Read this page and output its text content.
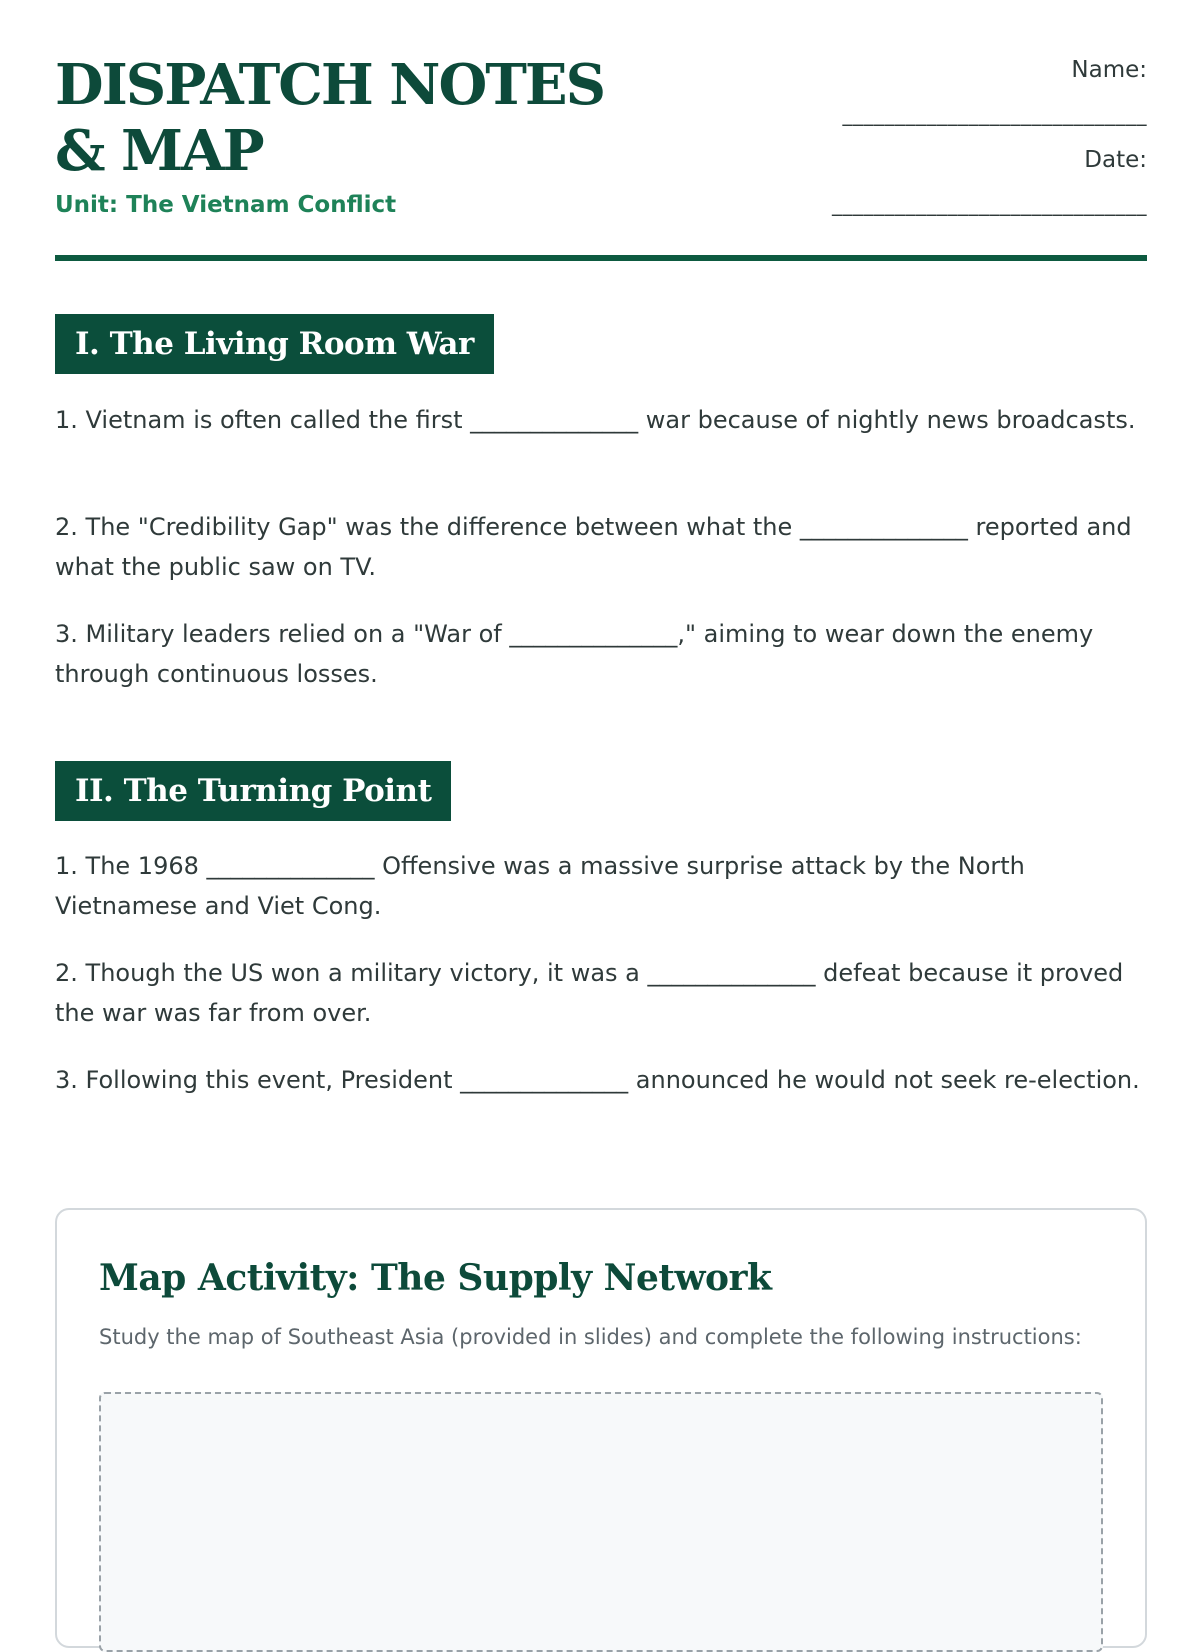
DISPATCH NOTES & MAP

Unit: The Vietnam Conflict

Name:
_____________________________
Date:
______________________________
I. The Living Room War

1. Vietnam is often called the first ______________ war because of nightly news broadcasts.

2. The "Credibility Gap" was the difference between what the ______________ reported and what the public saw on TV.

3. Military leaders relied on a "War of ______________," aiming to wear down the enemy through continuous losses.

II. The Turning Point

1. The 1968 ______________ Offensive was a massive surprise attack by the North Vietnamese and Viet Cong.

2. Though the US won a military victory, it was a ______________ defeat because it proved the war was far from over.

3. Following this event, President ______________ announced he would not seek re-election.

Map Activity: The Supply Network

Study the map of Southeast Asia (provided in slides) and complete the following instructions:
